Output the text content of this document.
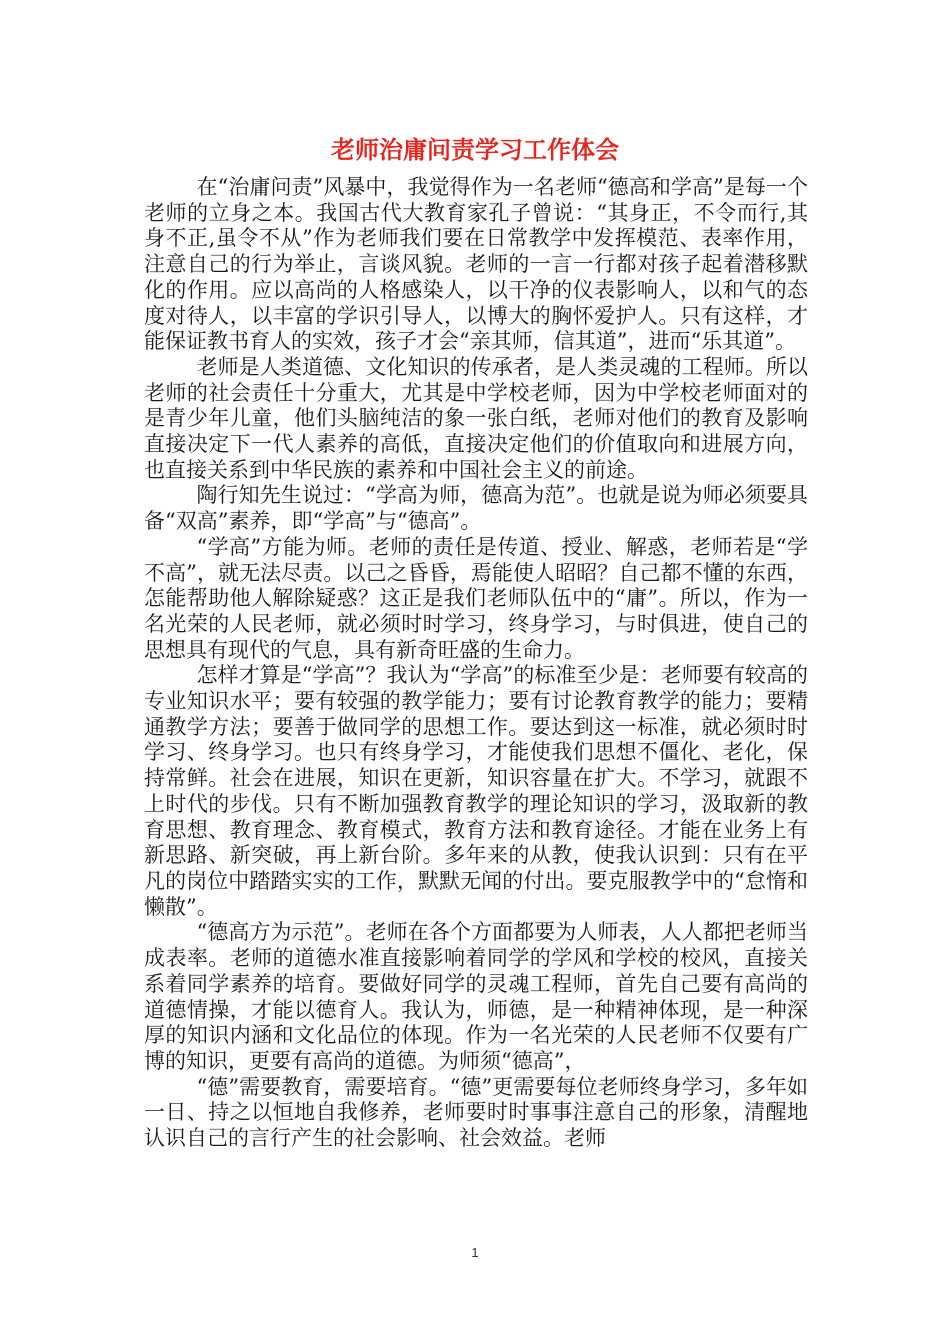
老师治庸问责学习工作体会

在“治庸问责”风暴中，我觉得作为一名老师“德高和学高”是每一个老师的立身之本。我国古代大教育家孔子曾说：“其身正，不令而行,其身不正,虽令不从”作为老师我们要在日常教学中发挥模范、表率作用，注意自己的行为举止，言谈风貌。老师的一言一行都对孩子起着潜移默化的作用。应以高尚的人格感染人，以干净的仪表影响人，以和气的态度对待人，以丰富的学识引导人，以博大的胸怀爱护人。只有这样，才能保证教书育人的实效，孩子才会“亲其师，信其道”，进而“乐其道”。

老师是人类道德、文化知识的传承者，是人类灵魂的工程师。所以老师的社会责任十分重大，尤其是中学校老师，因为中学校老师面对的是青少年儿童，他们头脑纯洁的象一张白纸，老师对他们的教育及影响直接决定下一代人素养的高低，直接决定他们的价值取向和进展方向，也直接关系到中华民族的素养和中国社会主义的前途。

陶行知先生说过：“学高为师，德高为范”。也就是说为师必须要具备“双高”素养，即“学高”与“德高”。

“学高”方能为师。老师的责任是传道、授业、解惑，老师若是“学不高”，就无法尽责。以己之昏昏，焉能使人昭昭？自己都不懂的东西，怎能帮助他人解除疑惑？这正是我们老师队伍中的“庸”。所以，作为一名光荣的人民老师，就必须时时学习，终身学习，与时俱进，使自己的思想具有现代的气息，具有新奇旺盛的生命力。

怎样才算是“学高”？我认为“学高”的标准至少是：老师要有较高的专业知识水平；要有较强的教学能力；要有讨论教育教学的能力；要精通教学方法；要善于做同学的思想工作。要达到这一标准，就必须时时学习、终身学习。也只有终身学习，才能使我们思想不僵化、老化，保持常鲜。社会在进展，知识在更新，知识容量在扩大。不学习，就跟不上时代的步伐。只有不断加强教育教学的理论知识的学习，汲取新的教育思想、教育理念、教育模式，教育方法和教育途径。才能在业务上有新思路、新突破，再上新台阶。多年来的从教，使我认识到：只有在平凡的岗位中踏踏实实的工作，默默无闻的付出。要克服教学中的“怠惰和懒散”。

“德高方为示范”。老师在各个方面都要为人师表，人人都把老师当成表率。老师的道德水准直接影响着同学的学风和学校的校风，直接关系着同学素养的培育。要做好同学的灵魂工程师，首先自己要有高尚的道德情操，才能以德育人。我认为，师德，是一种精神体现，是一种深厚的知识内涵和文化品位的体现。作为一名光荣的人民老师不仅要有广博的知识，更要有高尚的道德。为师须“德高”，

“德”需要教育，需要培育。“德”更需要每位老师终身学习，多年如一日、持之以恒地自我修养，老师要时时事事注意自己的形象，清醒地认识自己的言行产生的社会影响、社会效益。老师

1
